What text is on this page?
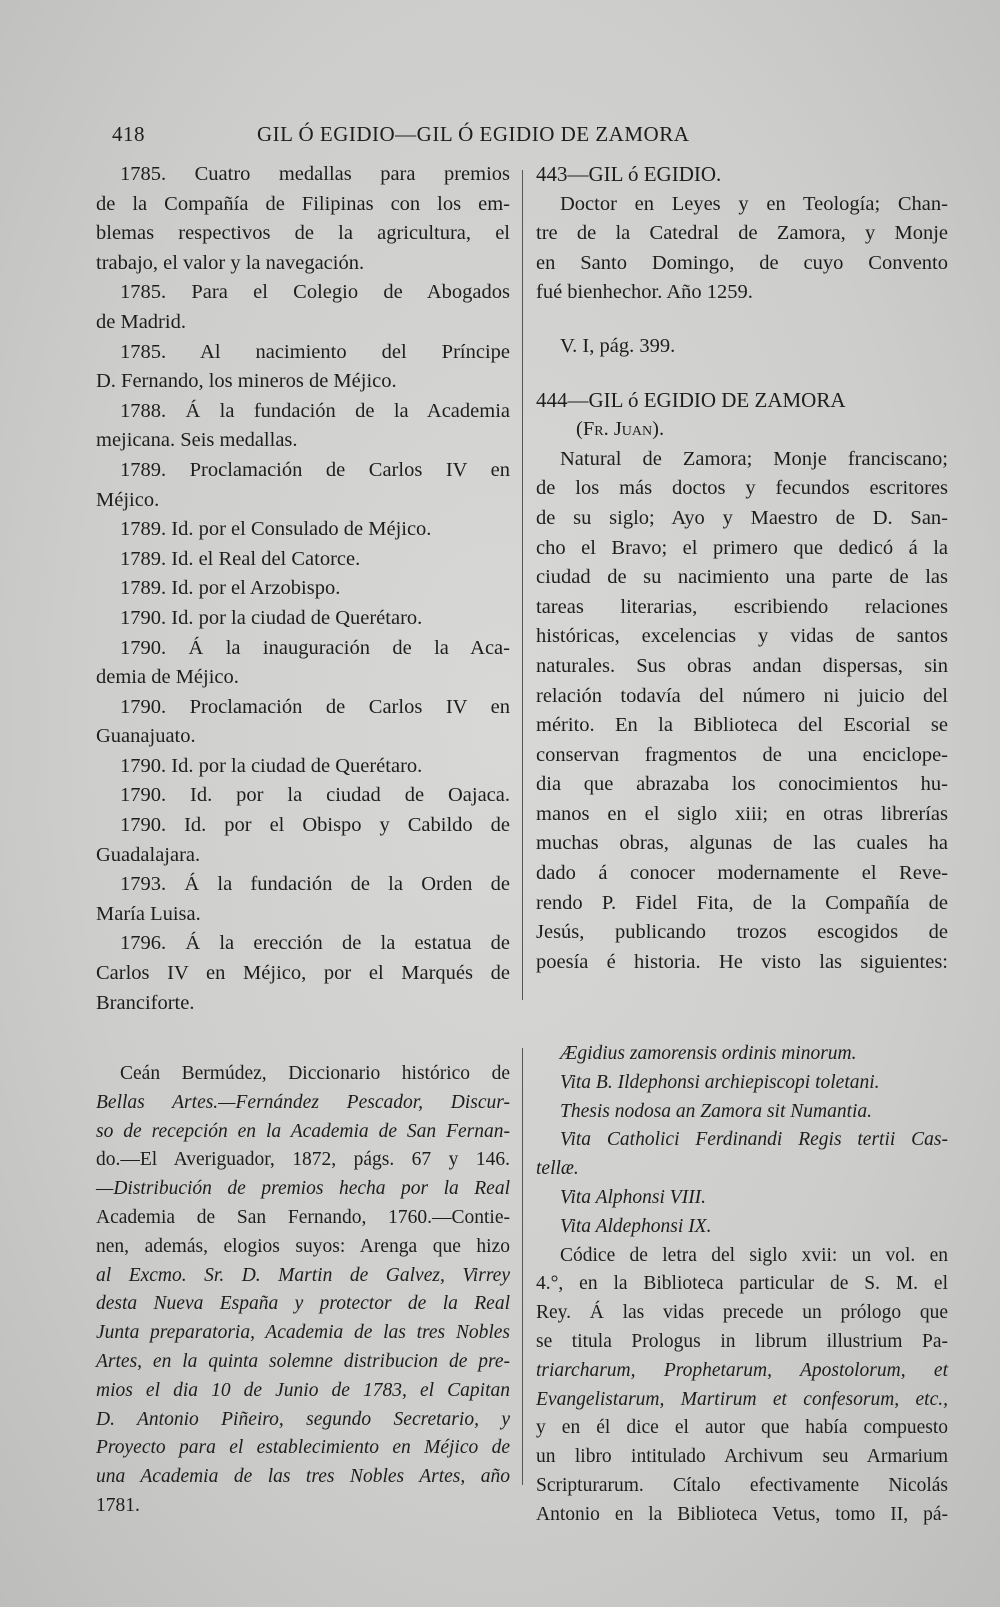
418	GIL Ó EGIDIO—GIL Ó EGIDIO DE ZAMORA
1785. Cuatro medallas para premios
de la Compañía de Filipinas con los em-
blemas respectivos de la agricultura, el
trabajo, el valor y la navegación.
1785. Para el Colegio de Abogados
de Madrid.
1785. Al nacimiento del Príncipe
D. Fernando, los mineros de Méjico.
1788. Á la fundación de la Academia
mejicana. Seis medallas.
1789. Proclamación de Carlos IV en
Méjico.
1789. Id. por el Consulado de Méjico.
1789. Id. el Real del Catorce.
1789. Id. por el Arzobispo.
1790. Id. por la ciudad de Querétaro.
1790. Á la inauguración de la Aca-
demia de Méjico.
1790. Proclamación de Carlos IV en
Guanajuato.
1790. Id. por la ciudad de Querétaro.
1790. Id. por la ciudad de Oajaca.
1790. Id. por el Obispo y Cabildo de
Guadalajara.
1793. Á la fundación de la Orden de
María Luisa.
1796. Á la erección de la estatua de
Carlos IV en Méjico, por el Marqués de
Branciforte.
Ceán Bermúdez, Diccionario histórico de
Bellas Artes.—Fernández Pescador, Discur-
so de recepción en la Academia de San Fernan-
do.—El Averiguador, 1872, págs. 67 y 146.
—Distribución de premios hecha por la Real
Academia de San Fernando, 1760.—Contie-
nen, además, elogios suyos: Arenga que hizo
al Excmo. Sr. D. Martin de Galvez, Virrey
desta Nueva España y protector de la Real
Junta preparatoria, Academia de las tres Nobles
Artes, en la quinta solemne distribucion de pre-
mios el dia 10 de Junio de 1783, el Capitan
D. Antonio Piñeiro, segundo Secretario, y
Proyecto para el establecimiento en Méjico de
una Academia de las tres Nobles Artes, año
1781.
443—GIL ó EGIDIO.
Doctor en Leyes y en Teología; Chan-
tre de la Catedral de Zamora, y Monje
en Santo Domingo, de cuyo Convento
fué bienhechor. Año 1259.
V. I, pág. 399.
444—GIL ó EGIDIO DE ZAMORA
(Fr. Juan).
Natural de Zamora; Monje franciscano;
de los más doctos y fecundos escritores
de su siglo; Ayo y Maestro de D. San-
cho el Bravo; el primero que dedicó á la
ciudad de su nacimiento una parte de las
tareas literarias, escribiendo relaciones
históricas, excelencias y vidas de santos
naturales. Sus obras andan dispersas, sin
relación todavía del número ni juicio del
mérito. En la Biblioteca del Escorial se
conservan fragmentos de una enciclope-
dia que abrazaba los conocimientos hu-
manos en el siglo xiii; en otras librerías
muchas obras, algunas de las cuales ha
dado á conocer modernamente el Reve-
rendo P. Fidel Fita, de la Compañía de
Jesús, publicando trozos escogidos de
poesía é historia. He visto las siguientes:
Ægidius zamorensis ordinis minorum.
Vita B. Ildephonsi archiepiscopi toletani.
Thesis nodosa an Zamora sit Numantia.
Vita Catholici Ferdinandi Regis tertii Cas-
tellæ.
Vita Alphonsi VIII.
Vita Aldephonsi IX.
Códice de letra del siglo xvii: un vol. en
4.°, en la Biblioteca particular de S. M. el
Rey. Á las vidas precede un prólogo que
se titula Prologus in librum illustrium Pa-
triarcharum, Prophetarum, Apostolorum, et
Evangelistarum, Martirum et confesorum, etc.,
y en él dice el autor que había compuesto
un libro intitulado Archivum seu Armarium
Scripturarum. Cítalo efectivamente Nicolás
Antonio en la Biblioteca Vetus, tomo II, pá-
